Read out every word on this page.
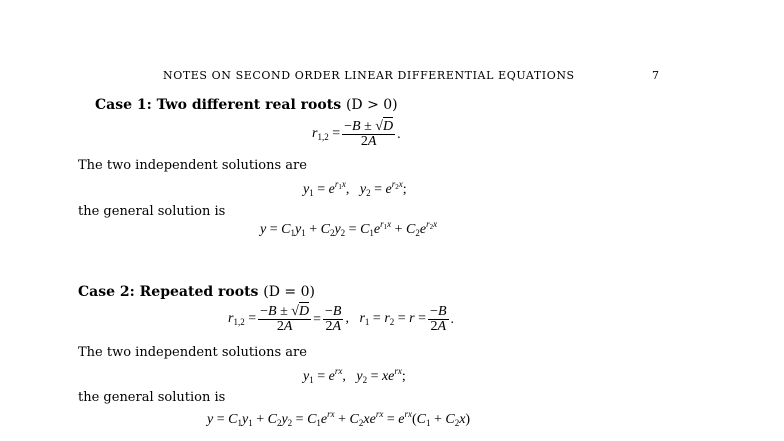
NOTES ON SECOND ORDER LINEAR DIFFERENTIAL EQUATIONS	7
Case 1: Two different real roots (D > 0)
$r_{1,2} = \frac{-B \pm √D}{2A}$ .
The two independent solutions are
$y_1 = e^{r_1x}$,   $y_2 = e^{r_2x}$;
the general solution is
$y = C_1y_1 + C_2y_2 = C_1e^{r_1x} + C_2e^{r_2x}$
Case 2: Repeated roots (D = 0)
$r_{1,2} = \frac{-B \pm √D}{2A} = \frac{-B}{2A}$ ,   $r_1 = r_2 = r = \frac{-B}{2A}$ .
The two independent solutions are
$y_1 = e^{rx}$,   $y_2 = xe^{rx}$;
the general solution is
$y = C_1y_1 + C_2y_2 = C_1e^{rx} + C_2xe^{rx} = e^{rx}(C_1 + C_2x)$
